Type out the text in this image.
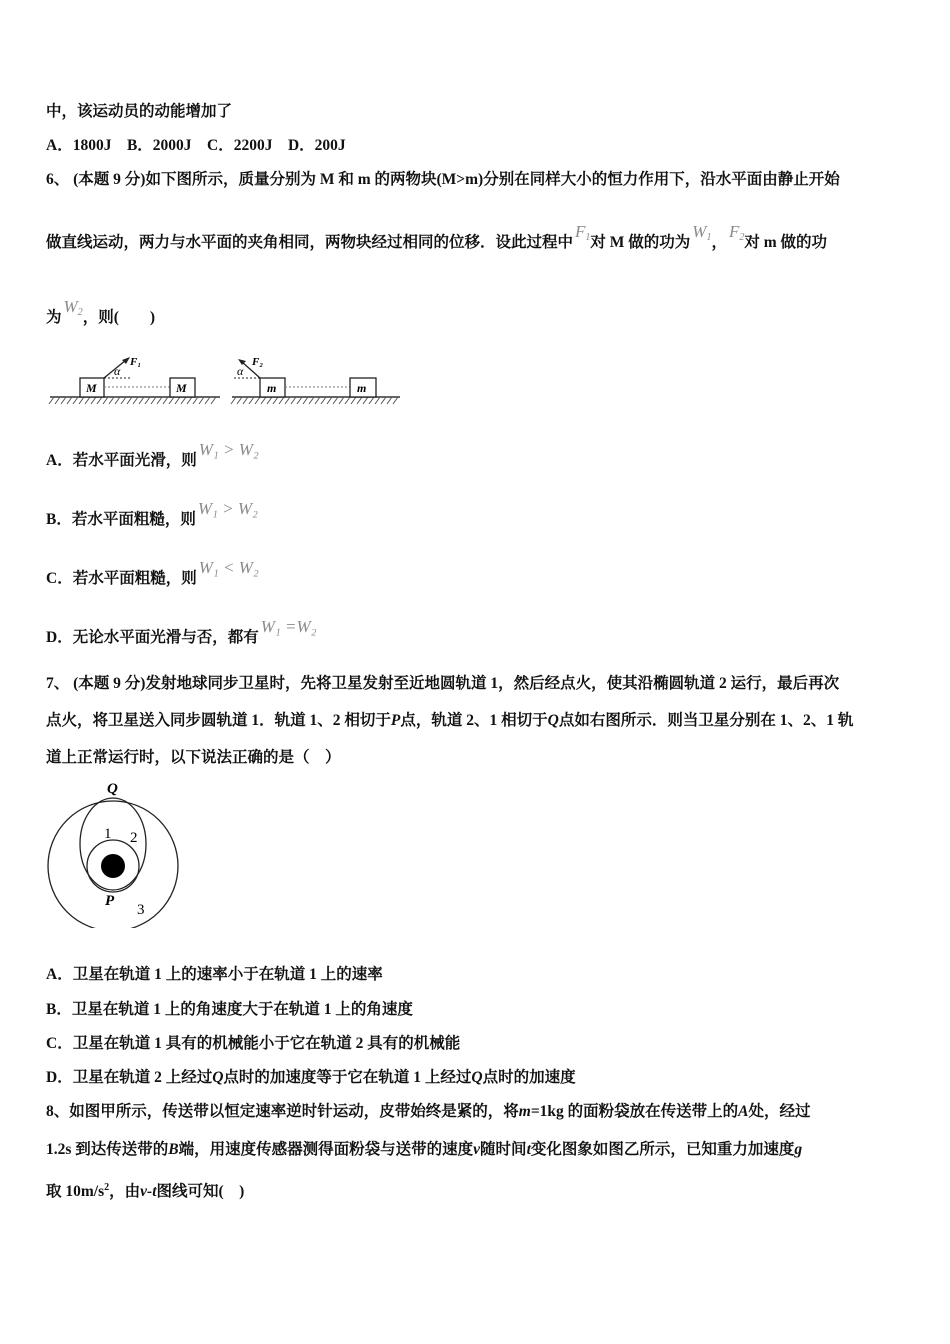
中，该运动员的动能增加了
A．1800J　B．2000J　C．2200J　D．200J
6、 (本题 9 分)如下图所示，质量分别为 M 和 m 的两物块(M>m)分别在同样大小的恒力作用下，沿水平面由静止开始
做直线运动，两力与水平面的夹角相同，两物块经过相同的位移．设此过程中$F_1$对 M 做的功为$W_1$，$F_2$对 m 做的功
为$W_2$，则(　　)
M	M
α
F₁
m	m
α
F₂
A．若水平面光滑，则W₁ > W₂
B．若水平面粗糙，则W₁ > W₂
C．若水平面粗糙，则W₁ < W₂
D．无论水平面光滑与否，都有W₁ =W₂
7、 (本题 9 分)发射地球同步卫星时，先将卫星发射至近地圆轨道 1，然后经点火，使其沿椭圆轨道 2 运行，最后再次
点火，将卫星送入同步圆轨道 1．轨道 1、2 相切于P点，轨道 2、1 相切于Q点如右图所示．则当卫星分别在 1、2、1 轨
道上正常运行时，以下说法正确的是（　）
Q
P
1 2
3
A．卫星在轨道 1 上的速率小于在轨道 1 上的速率
B．卫星在轨道 1 上的角速度大于在轨道 1 上的角速度
C．卫星在轨道 1 具有的机械能小于它在轨道 2 具有的机械能
D．卫星在轨道 2 上经过Q点时的加速度等于它在轨道 1 上经过Q点时的加速度
8、如图甲所示，传送带以恒定速率逆时针运动，皮带始终是紧的，将m=1kg 的面粉袋放在传送带上的A处，经过
1.2s 到达传送带的B端，用速度传感器测得面粉袋与送带的速度v随时间t变化图象如图乙所示，已知重力加速度g
取 $10m/s^2$，由v-t图线可知(　)
